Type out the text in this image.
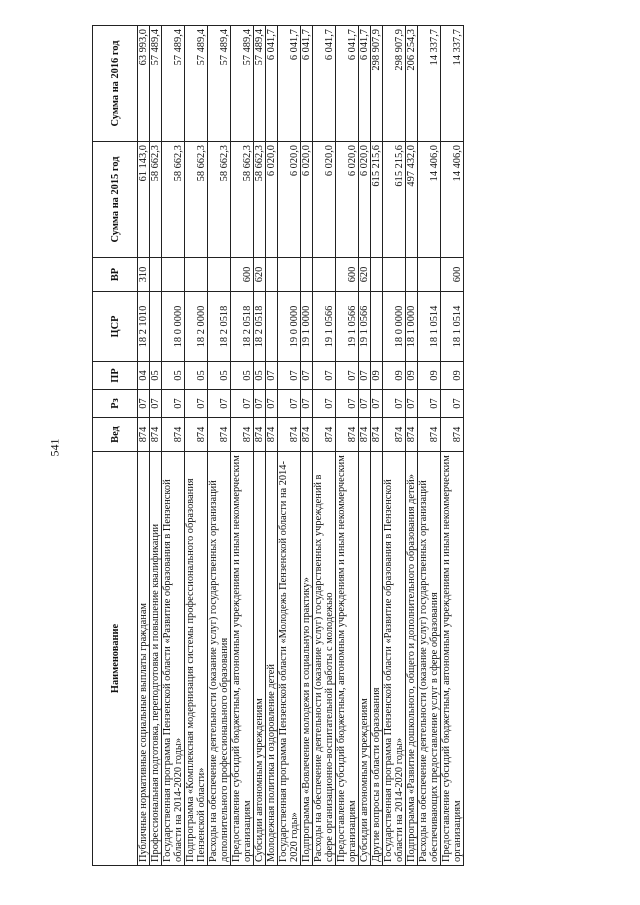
541
Наименование	Вед	Рз	ПР	ЦСР	ВР	Сумма на 2015 год	Сумма на 2016 год
Публичные нормативные социальные выплаты гражданам	874	07	04	18 2 1010	310	61 143,0	63 993,0
Профессиональная подготовка, переподготовка и повышение квалификации	874	07	05			58 662,3	57 489,4
Государственная программа Пензенской области «Развитие образования в Пензенской области на 2014-2020 годы»	874	07	05	18 0 0000		58 662,3	57 489,4
Подпрограмма «Комплексная модернизация системы профессионального образования Пензенской области»	874	07	05	18 2 0000		58 662,3	57 489,4
Расходы на обеспечение деятельности (оказание услуг) государственных организаций дополнительного профессионального образования	874	07	05	18 2 0518		58 662,3	57 489,4
Предоставление субсидий бюджетным, автономным учреждениям и иным некоммерческим организациям	874	07	05	18 2 0518	600	58 662,3	57 489,4
Субсидии автономным учреждениям	874	07	05	18 2 0518	620	58 662,3	57 489,4
Молодежная политика и оздоровление детей	874	07	07			6 020,0	6 041,7
Государственная программа Пензенской области «Молодежь Пензенской области на 2014-2020 годы»	874	07	07	19 0 0000		6 020,0	6 041,7
Подпрограмма «Вовлечение молодежи в социальную практику»	874	07	07	19 1 0000		6 020,0	6 041,7
Расходы на обеспечение деятельности (оказание услуг) государственных учреждений в сфере организационно-воспитательной работы с молодежью	874	07	07	19 1 0566		6 020,0	6 041,7
Предоставление субсидий бюджетным, автономным учреждениям и иным некоммерческим организациям	874	07	07	19 1 0566	600	6 020,0	6 041,7
Субсидии автономным учреждениям	874	07	07	19 1 0566	620	6 020,0	6 041,7
Другие вопросы в области образования	874	07	09			615 215,6	298 907,9
Государственная программа Пензенской области «Развитие образования в Пензенской области на 2014-2020 годы»	874	07	09	18 0 0000		615 215,6	298 907,9
Подпрограмма «Развитие дошкольного, общего и дополнительного образования детей»	874	07	09	18 1 0000		497 432,0	206 254,3
Расходы на обеспечение деятельности (оказание услуг) государственных организаций обеспечивающих предоставление услуг в сфере образования	874	07	09	18 1 0514		14 406,0	14 337,7
Предоставление субсидий бюджетным, автономным учреждениям и иным некоммерческим организациям	874	07	09	18 1 0514	600	14 406,0	14 337,7
